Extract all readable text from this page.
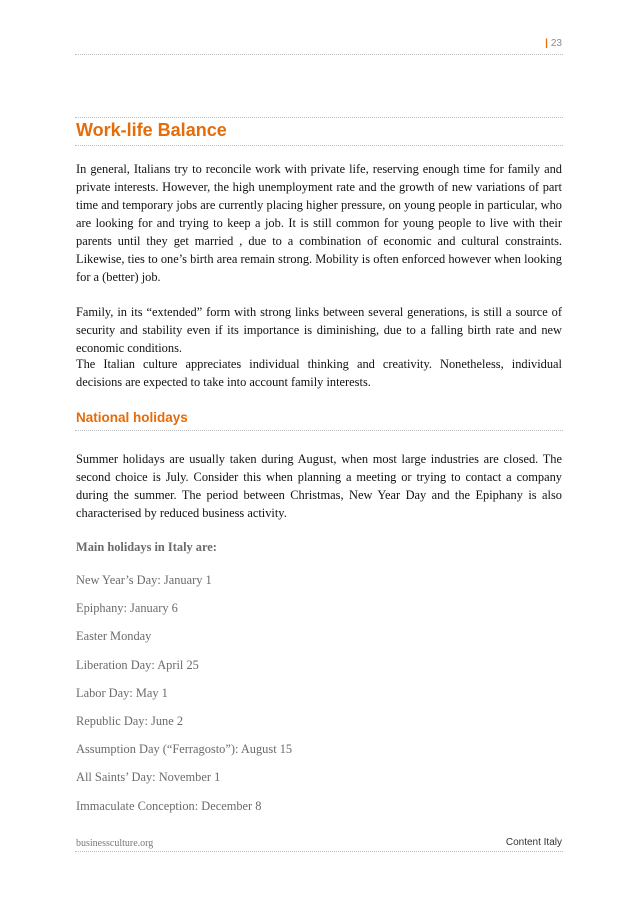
| 23
Work-life Balance

In general, Italians try to reconcile work with private life, reserving enough time for family and private interests. However, the high unemployment rate and the growth of new variations of part time and temporary jobs are currently placing higher pressure, on young people in particular, who are looking for and trying to keep a job. It is still common for young people to live with their parents until they get married , due to a combination of economic and cultural constraints. Likewise, ties to one’s birth area remain strong. Mobility is often enforced however when looking for a (better) job.

Family, in its “extended” form with strong links between several generations, is still a source of security and stability even if its importance is diminishing, due to a falling birth rate and new economic conditions.

The Italian culture appreciates individual thinking and creativity. Nonetheless, individual decisions are expected to take into account family interests.

National holidays

Summer holidays are usually taken during August, when most large industries are closed. The second choice is July. Consider this when planning a meeting or trying to contact a company during the summer. The period between Christmas, New Year Day and the Epiphany is also characterised by reduced business activity.

Main holidays in Italy are:

New Year’s Day: January 1
Epiphany: January 6
Easter Monday
Liberation Day: April 25
Labor Day: May 1
Republic Day: June 2
Assumption Day (“Ferragosto”): August 15
All Saints’ Day: November 1
Immaculate Conception: December 8
businessculture.org	Content Italy
